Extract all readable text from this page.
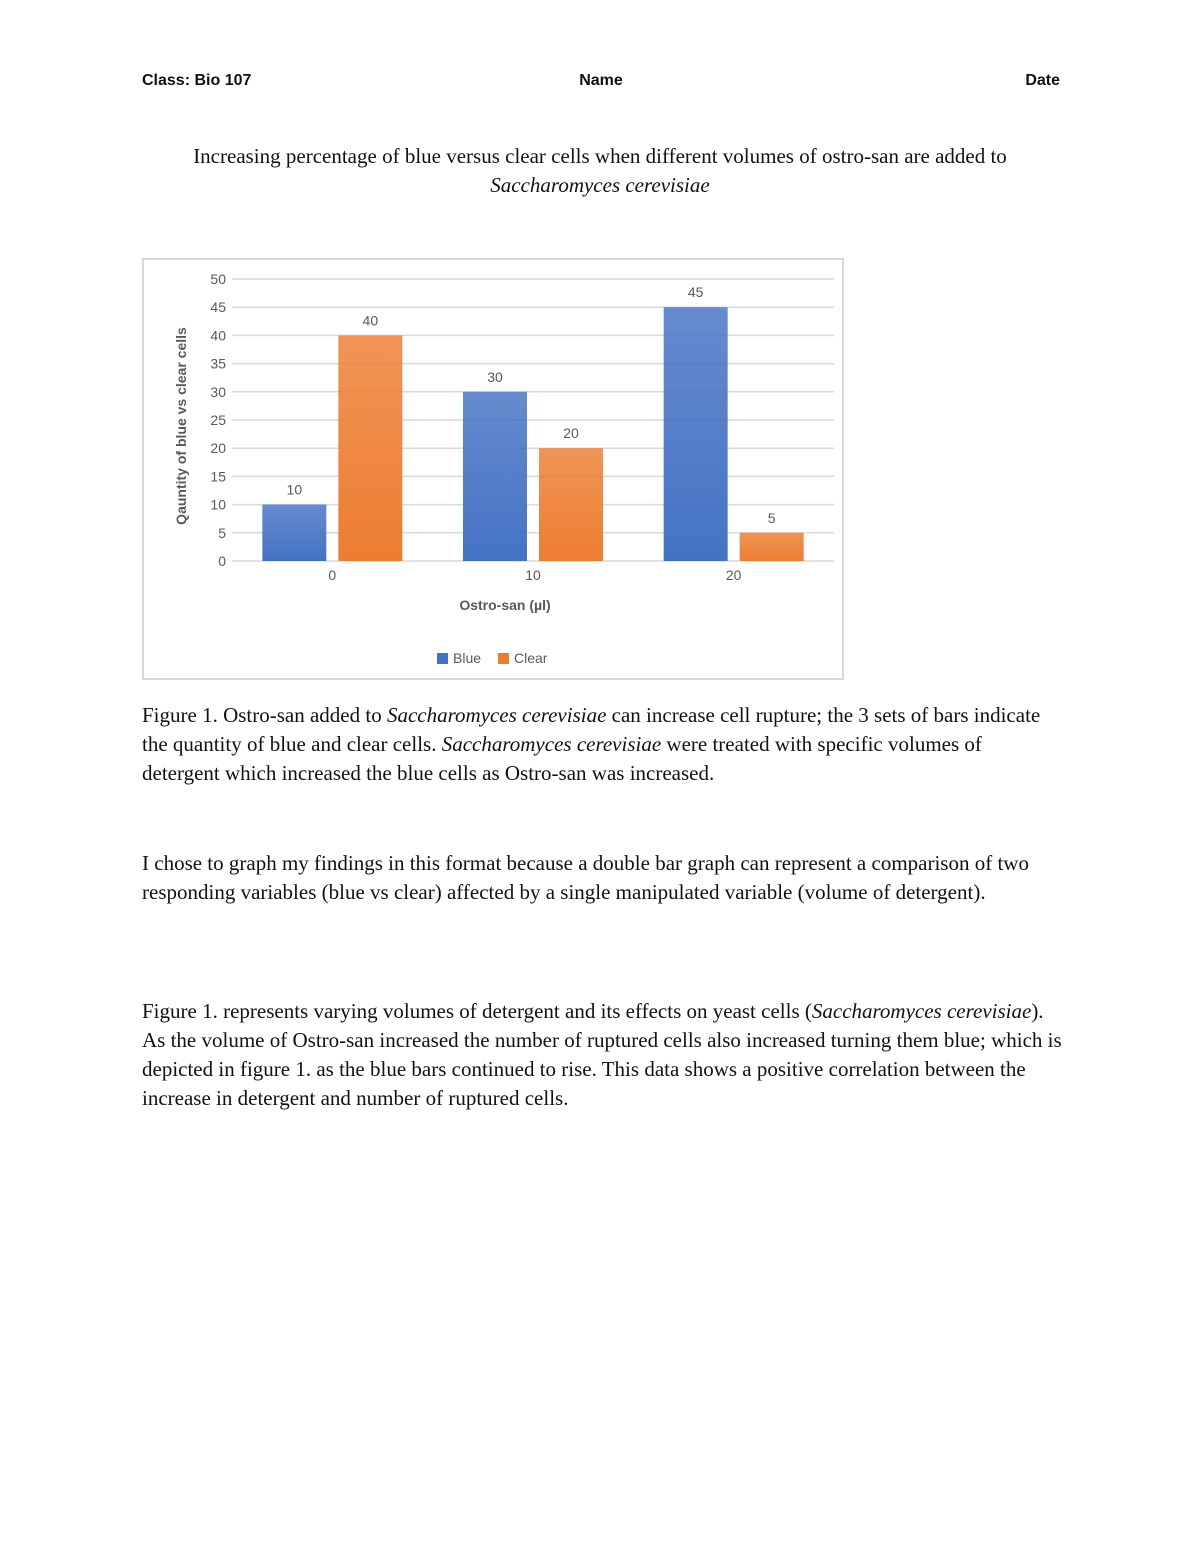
Class: Bio 107	Name	Date
Increasing percentage of blue versus clear cells when different volumes of ostro-san are added to
Saccharomyces cerevisiae
0
5
10
15
20
25
30
35
40
45
50
10
40
0
30
20
10
45
5
20
Ostro-san (µl)
Qauntity of blue vs clear cells
Blue Clear
Figure 1. Ostro-san added to Saccharomyces cerevisiae can increase cell rupture; the 3 sets of bars indicate the quantity of blue and clear cells. Saccharomyces cerevisiae were treated with specific volumes of detergent which increased the blue cells as Ostro-san was increased.
I chose to graph my findings in this format because a double bar graph can represent a comparison of two responding variables (blue vs clear) affected by a single manipulated variable (volume of detergent).
Figure 1. represents varying volumes of detergent and its effects on yeast cells (Saccharomyces cerevisiae). As the volume of Ostro-san increased the number of ruptured cells also increased turning them blue; which is depicted in figure 1. as the blue bars continued to rise. This data shows a positive correlation between the increase in detergent and number of ruptured cells.
